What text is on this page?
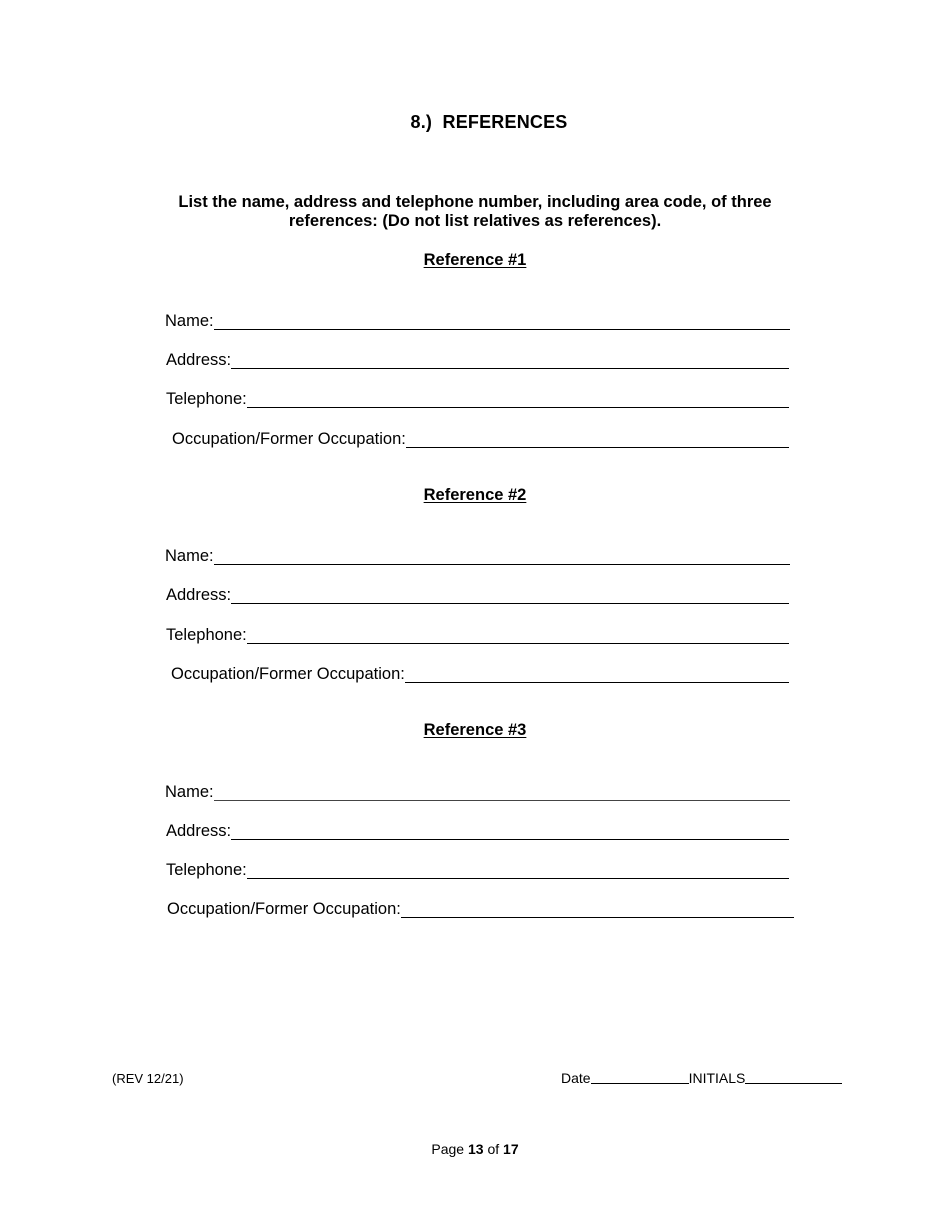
8.)  REFERENCES
List the name, address and telephone number, including area code, of three references: (Do not list relatives as references).
Reference #1
Name:
Address:
Telephone:
Occupation/Former Occupation:
Reference #2
Name:
Address:
Telephone:
Occupation/Former Occupation:
Reference #3
Name:
Address:
Telephone:
Occupation/Former Occupation:
(REV 12/21)	Date	INITIALS
Page 13 of 17
